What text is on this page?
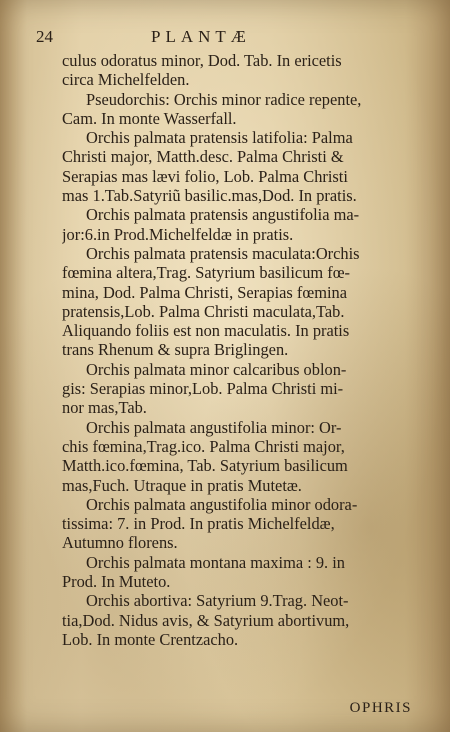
24	PLANTÆ
culus odoratus minor, Dod. Tab. In ericetis
circa Michelfelden.
Pseudorchis: Orchis minor radice repente,
Cam. In monte Wasserfall.
Orchis palmata pratensis latifolia: Palma
Christi major, Matth.desc. Palma Christi &
Serapias mas lævi folio, Lob. Palma Christi
mas 1.Tab.Satyriũ basilic.mas,Dod. In pratis.
Orchis palmata pratensis angustifolia ma-
jor:6.in Prod.Michelfeldæ in pratis.
Orchis palmata pratensis maculata:Orchis
fœmina altera,Trag. Satyrium basilicum fœ-
mina, Dod. Palma Christi, Serapias fœmina
pratensis,Lob. Palma Christi maculata,Tab.
Aliquando foliis est non maculatis. In pratis
trans Rhenum & supra Briglingen.
Orchis palmata minor calcaribus oblon-
gis: Serapias minor,Lob. Palma Christi mi-
nor mas,Tab.
Orchis palmata angustifolia minor: Or-
chis fœmina,Trag.ico. Palma Christi major,
Matth.ico.fœmina, Tab. Satyrium basilicum
mas,Fuch. Utraque in pratis Mutetæ.
Orchis palmata angustifolia minor odora-
tissima: 7. in Prod. In pratis Michelfeldæ,
Autumno florens.
Orchis palmata montana maxima : 9. in
Prod. In Muteto.
Orchis abortiva: Satyrium 9.Trag. Neot-
tia,Dod. Nidus avis, & Satyrium abortivum,
Lob. In monte Crentzacho.
OPHRIS
